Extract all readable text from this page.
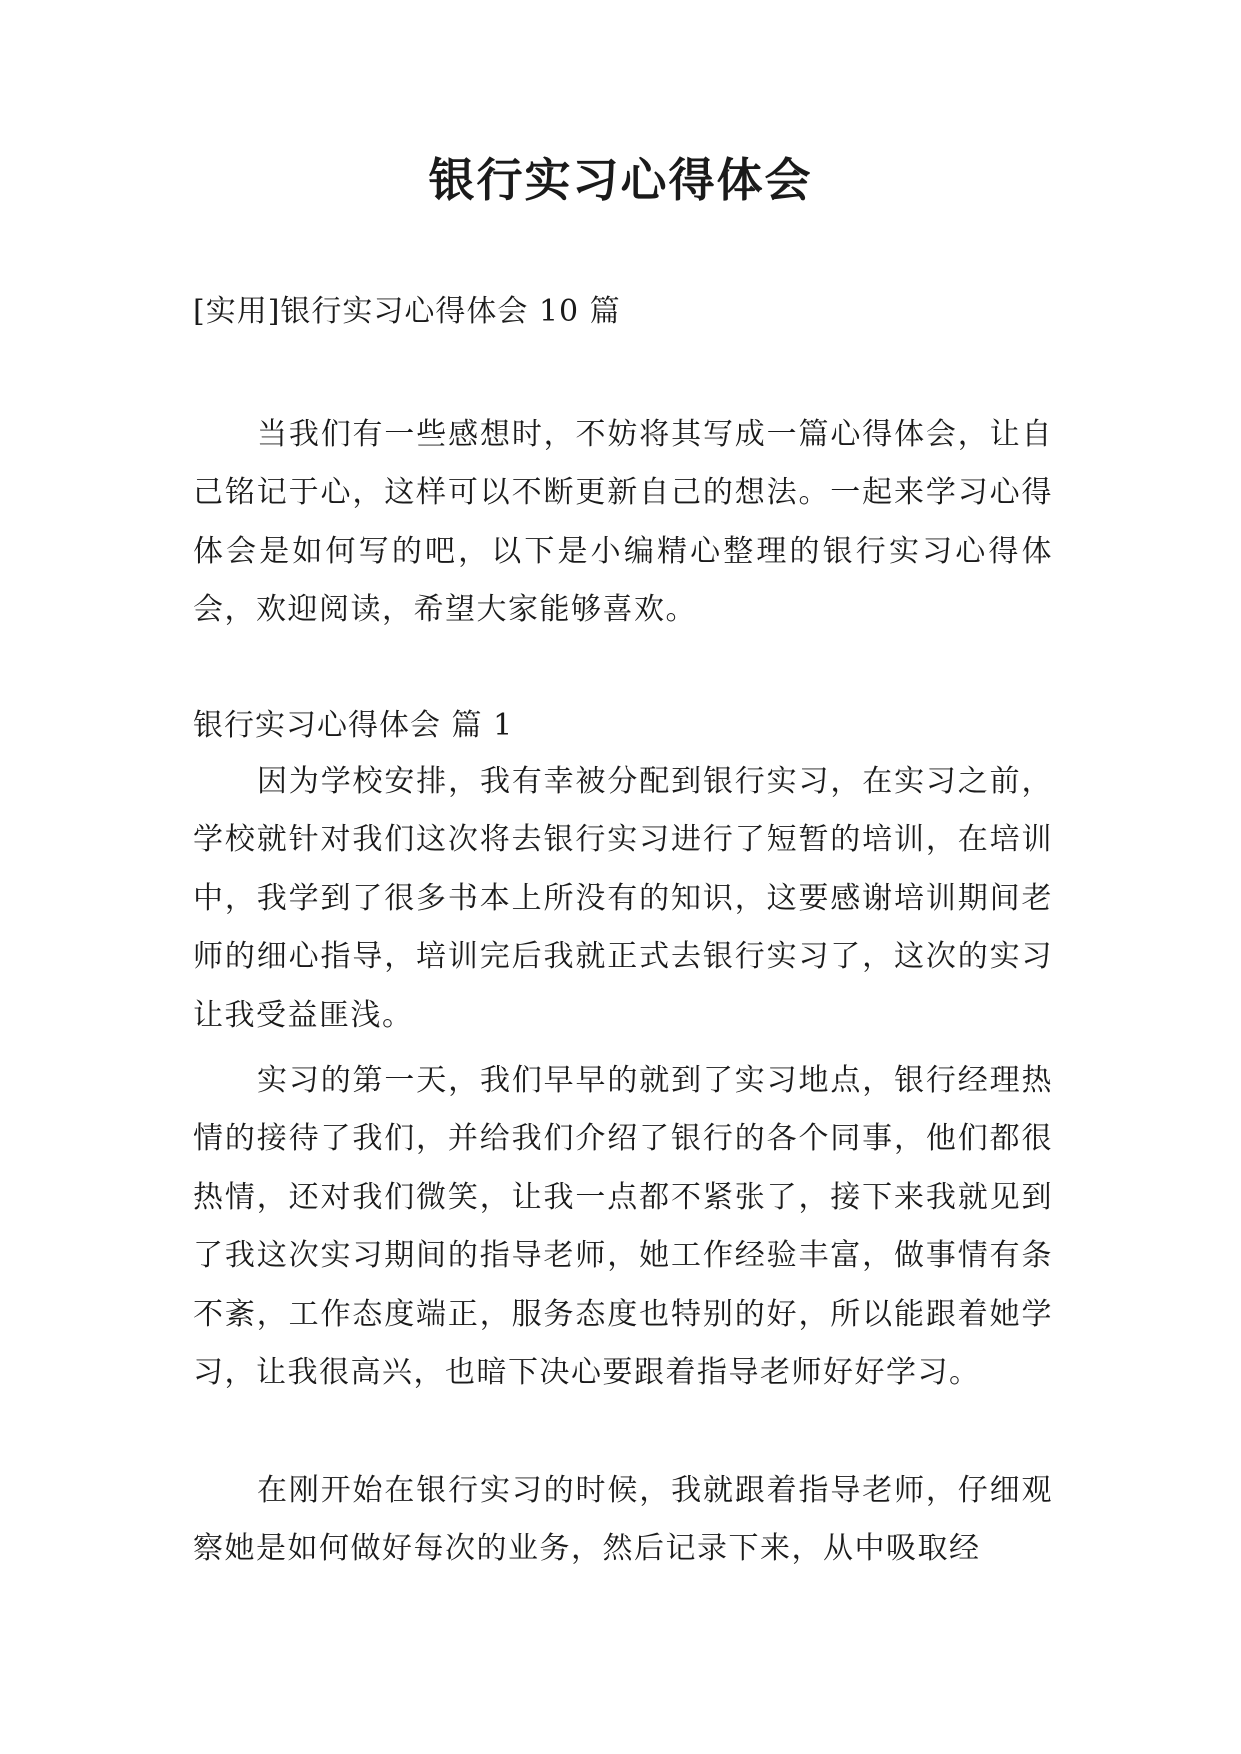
银行实习心得体会
[实用]银行实习心得体会 10 篇

当我们有一些感想时，不妨将其写成一篇心得体会，让自己铭记于心，这样可以不断更新自己的想法。一起来学习心得体会是如何写的吧，以下是小编精心整理的银行实习心得体会，欢迎阅读，希望大家能够喜欢。

银行实习心得体会 篇 1

因为学校安排，我有幸被分配到银行实习，在实习之前，学校就针对我们这次将去银行实习进行了短暂的培训，在培训中，我学到了很多书本上所没有的知识，这要感谢培训期间老师的细心指导，培训完后我就正式去银行实习了，这次的实习让我受益匪浅。

实习的第一天，我们早早的就到了实习地点，银行经理热情的接待了我们，并给我们介绍了银行的各个同事，他们都很热情，还对我们微笑，让我一点都不紧张了，接下来我就见到了我这次实习期间的指导老师，她工作经验丰富，做事情有条不紊，工作态度端正，服务态度也特别的好，所以能跟着她学习，让我很高兴，也暗下决心要跟着指导老师好好学习。

在刚开始在银行实习的时候，我就跟着指导老师，仔细观察她是如何做好每次的业务，然后记录下来，从中吸取经
